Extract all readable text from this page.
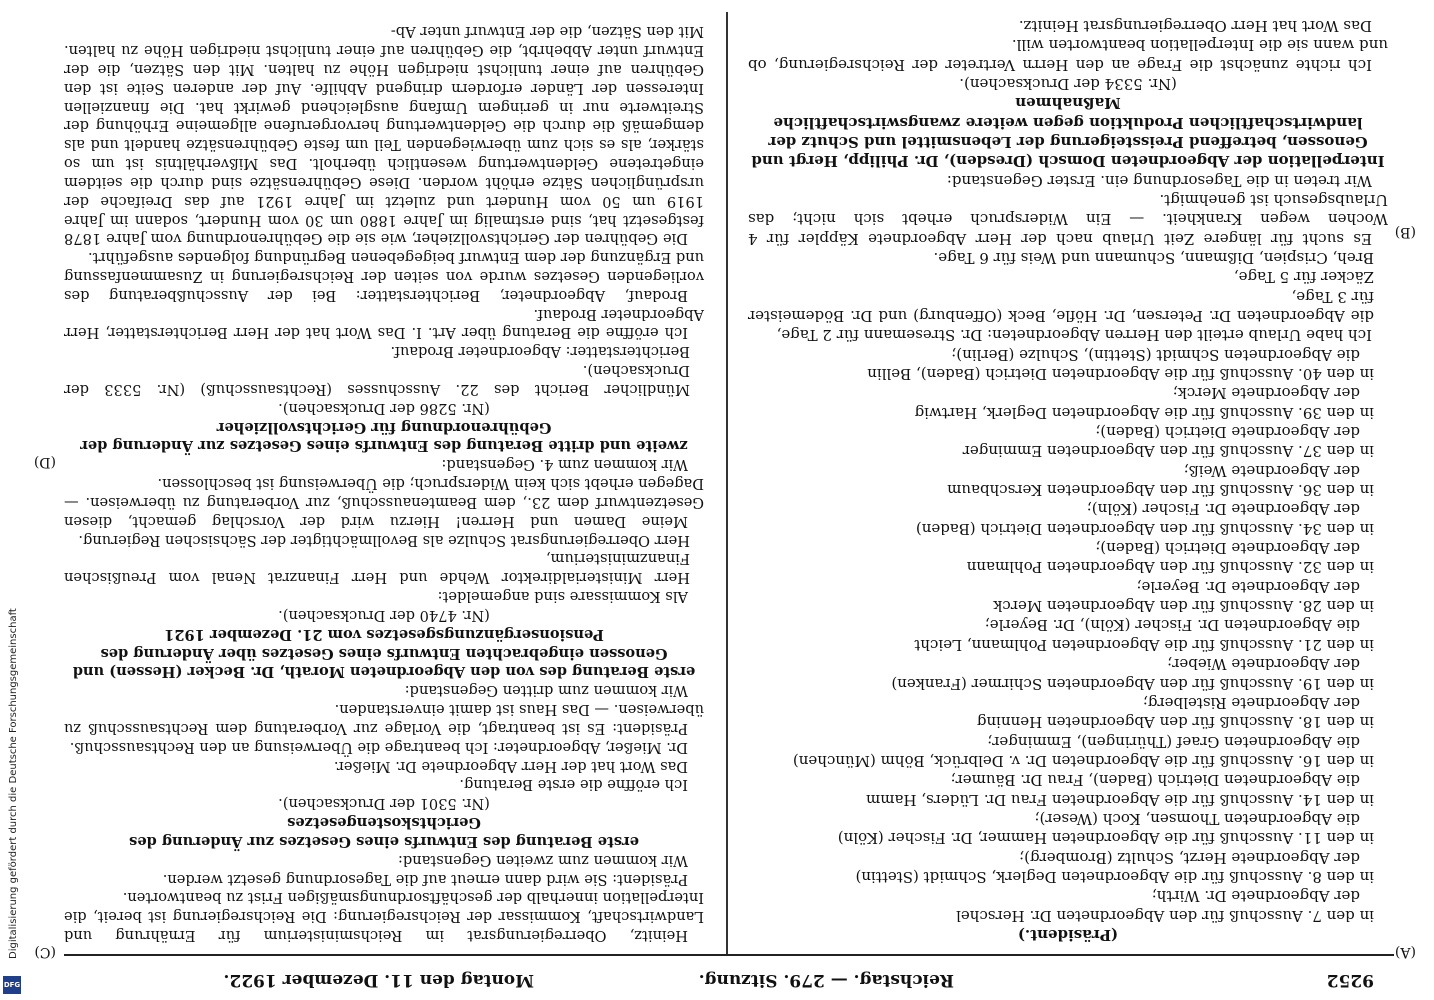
9252
Reichstag. — 279. Sitzung.
Montag den 11. Dezember 1922.
(A)
(B)
(C)
(D)

(Präsident.)

in den 7. Ausschuß für den Abgeordneten Dr. Herschel

der Abgeordnete Dr. Wirth;

in den 8. Ausschuß für die Abgeordneten Deglerk, Schmidt (Stettin)

der Abgeordnete Herzt, Schultz (Bromberg);

in den 11. Ausschuß für die Abgeordneten Hammer, Dr. Fischer (Köln)

die Abgeordneten Thomsen, Koch (Weser);

in den 14. Ausschuß für die Abgeordneten Frau Dr. Lüders, Hamm

die Abgeordneten Dietrich (Baden), Frau Dr. Bäumer;

in den 16. Ausschuß für die Abgeordneten Dr. v. Delbrück, Böhm (München)

die Abgeordneten Graef (Thüringen), Emminger;

in den 18. Ausschuß für den Abgeordneten Henning

der Abgeordnete Ristelberg;

in den 19. Ausschuß für den Abgeordneten Schirmer (Franken)

der Abgeordnete Wieber;

in den 21. Ausschuß für die Abgeordneten Pohlmann, Leicht

die Abgeordneten Dr. Fischer (Köln), Dr. Beyerle;

in den 28. Ausschuß für den Abgeordneten Merck

der Abgeordnete Dr. Beyerle;

in den 32. Ausschuß für den Abgeordneten Pohlmann

der Abgeordnete Dietrich (Baden);

in den 34. Ausschuß für den Abgeordneten Dietrich (Baden)

der Abgeordnete Dr. Fischer (Köln);

in den 36. Ausschuß für den Abgeordneten Kerschbaum

der Abgeordnete Weiß;

in den 37. Ausschuß für den Abgeordneten Emminger

der Abgeordnete Dietrich (Baden);

in den 39. Ausschuß für die Abgeordneten Deglerk, Hartwig

der Abgeordnete Merck;

in den 40. Ausschuß für die Abgeordneten Dietrich (Baden), Bellin

die Abgeordneten Schmidt (Stettin), Schulze (Berlin);

Ich habe Urlaub erteilt den Herren Abgeordneten: Dr. Stresemann für 2 Tage,

die Abgeordneten Dr. Petersen, Dr. Höfle, Beck (Offenburg) und Dr. Bödemeister für 3 Tage,

Zäcker für 5 Tage,

Breh, Crispien, Dißmann, Schumann und Weis für 6 Tage.

Es sucht für längere Zeit Urlaub nach der Herr Abgeordnete Käppler für 4 Wochen wegen Krankheit. — Ein Widerspruch erhebt sich nicht; das Urlaubsgesuch ist genehmigt.

Wir treten in die Tagesordnung ein. Erster Gegenstand:

Interpellation der Abgeordneten Domsch (Dresden), Dr. Philipp, Hergt und Genossen, betreffend Preissteigerung der Lebensmittel und Schutz der landwirtschaftlichen Produktion gegen weitere zwangswirtschaftliche Maßnahmen

(Nr. 5334 der Drucksachen).

Ich richte zunächst die Frage an den Herrn Vertreter der Reichsregierung, ob und wann sie die Interpellation beantworten will.

Das Wort hat Herr Oberregierungsrat Heinitz.

Heinitz, Oberregierungsrat im Reichsministerium für Ernährung und Landwirtschaft, Kommissar der Reichsregierung: Die Reichsregierung ist bereit, die Interpellation innerhalb der geschäftsordnungsmäßigen Frist zu beantworten.

Präsident: Sie wird dann erneut auf die Tagesordnung gesetzt werden.

Wir kommen zum zweiten Gegenstand:

erste Beratung des Entwurfs eines Gesetzes zur Änderung des Gerichtskostengesetzes

(Nr. 5301 der Drucksachen).

Ich eröffne die erste Beratung.

Das Wort hat der Herr Abgeordnete Dr. Mießer.

Dr. Mießer, Abgeordneter: Ich beantrage die Überweisung an den Rechtsausschuß.

Präsident: Es ist beantragt, die Vorlage zur Vorberatung dem Rechtsausschuß zu überweisen. — Das Haus ist damit einverstanden.

Wir kommen zum dritten Gegenstand:

erste Beratung des von den Abgeordneten Morath, Dr. Becker (Hessen) und Genossen eingebrachten Entwurfs eines Gesetzes über Änderung des Pensionsergänzungsgesetzes vom 21. Dezember 1921

(Nr. 4740 der Drucksachen).

Als Kommissare sind angemeldet:

Herr Ministerialdirektor Wehde und Herr Finanzrat Nenal vom Preußischen Finanzministerium,

Herr Oberregierungsrat Schulze als Bevollmächtigter der Sächsischen Regierung.

Meine Damen und Herren! Hierzu wird der Vorschlag gemacht, diesen Gesetzentwurf dem 23., dem Beamtenausschuß, zur Vorberatung zu überweisen. — Dagegen erhebt sich kein Widerspruch; die Überweisung ist beschlossen.

Wir kommen zum 4. Gegenstand:

zweite und dritte Beratung des Entwurfs eines Gesetzes zur Änderung der Gebührenordnung für Gerichtsvollzieher

(Nr. 5286 der Drucksachen).

Mündlicher Bericht des 22. Ausschusses (Rechtsausschuß) (Nr. 5333 der Drucksachen).

Berichterstatter: Abgeordneter Brodauf.

Ich eröffne die Beratung über Art. I. Das Wort hat der Herr Berichterstatter, Herr Abgeordneter Brodauf.

Brodauf, Abgeordneter, Berichterstatter: Bei der Ausschußberatung des vorliegenden Gesetzes wurde von seiten der Reichsregierung in Zusammenfassung und Ergänzung der dem Entwurf beigegebenen Begründung folgendes ausgeführt.

Die Gebühren der Gerichtsvollzieher, wie sie die Gebührenordnung vom Jahre 1878 festgesetzt hat, sind erstmalig im Jahre 1880 um 30 vom Hundert, sodann im Jahre 1919 um 50 vom Hundert und zuletzt im Jahre 1921 auf das Dreifache der ursprünglichen Sätze erhöht worden. Diese Gebührensätze sind durch die seitdem eingetretene Geldentwertung wesentlich überholt. Das Mißverhältnis ist um so stärker, als es sich zum überwiegenden Teil um feste Gebührensätze handelt und als demgemäß die durch die Geldentwertung hervorgerufene allgemeine Erhöhung der Streitwerte nur in geringem Umfang ausgleichend gewirkt hat. Die finanziellen Interessen der Länder erfordern dringend Abhilfe. Auf der anderen Seite ist den Gebühren auf einer tunlichst niedrigen Höhe zu halten. Mit den Sätzen, die der Entwurf unter Abbehrbt, die Gebühren auf einer tunlichst niedrigen Höhe zu halten. Mit den Sätzen, die der Entwurf unter Ab-

Digitalisierung gefördert durch die Deutsche Forschungsgemeinschaft
DFG
